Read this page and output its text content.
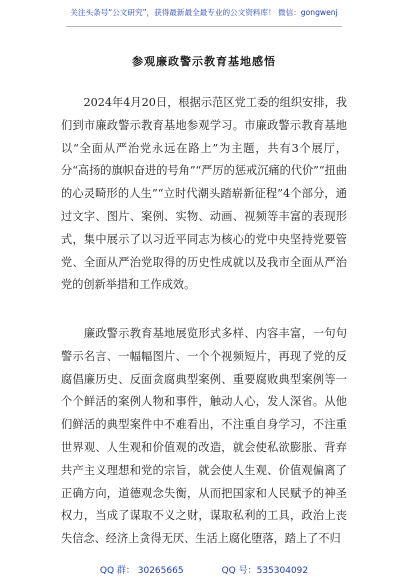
关注头条号“公文研究”，获得最新最全最专业的公文资料库！ 微信：gongwenj
参观廉政警示教育基地感悟

　　2024年4月20日，根据示范区党工委的组织安排，我们到市廉政警示教育基地参观学习。市廉政警示教育基地以“全面从严治党永远在路上”为主题，共有3个展厅，分“高扬的旗帜奋进的号角”“严厉的惩戒沉痛的代价”“扭曲的心灵畸形的人生”“立时代潮头踏崭新征程”4个部分，通过文字、图片、案例、实物、动画、视频等丰富的表现形式，集中展示了以习近平同志为核心的党中央坚持党要管党、全面从严治党取得的历史性成就以及我市全面从严治党的创新举措和工作成效。

　　廉政警示教育基地展览形式多样、内容丰富，一句句警示名言、一幅幅图片、一个个视频短片，再现了党的反腐倡廉历史、反面贪腐典型案例、重要腐败典型案例等一个个鲜活的案例人物和事件，触动人心，发人深省。从他们鲜活的典型案件中不难看出，不注重自身学习，不注重世界观、人生观和价值观的改造，就会使私欲膨胀、背弃共产主义理想和党的宗旨，就会使人生观、价值观偏离了正确方向，道德观念失衡，从而把国家和人民赋予的神圣权力，当成了谋取不义之财，谋取私利的工具，政治上丧失信念、经济上贪得无厌、生活上腐化堕落，踏上了不归

QQ 群： 30265665	QQ 号：535304092
